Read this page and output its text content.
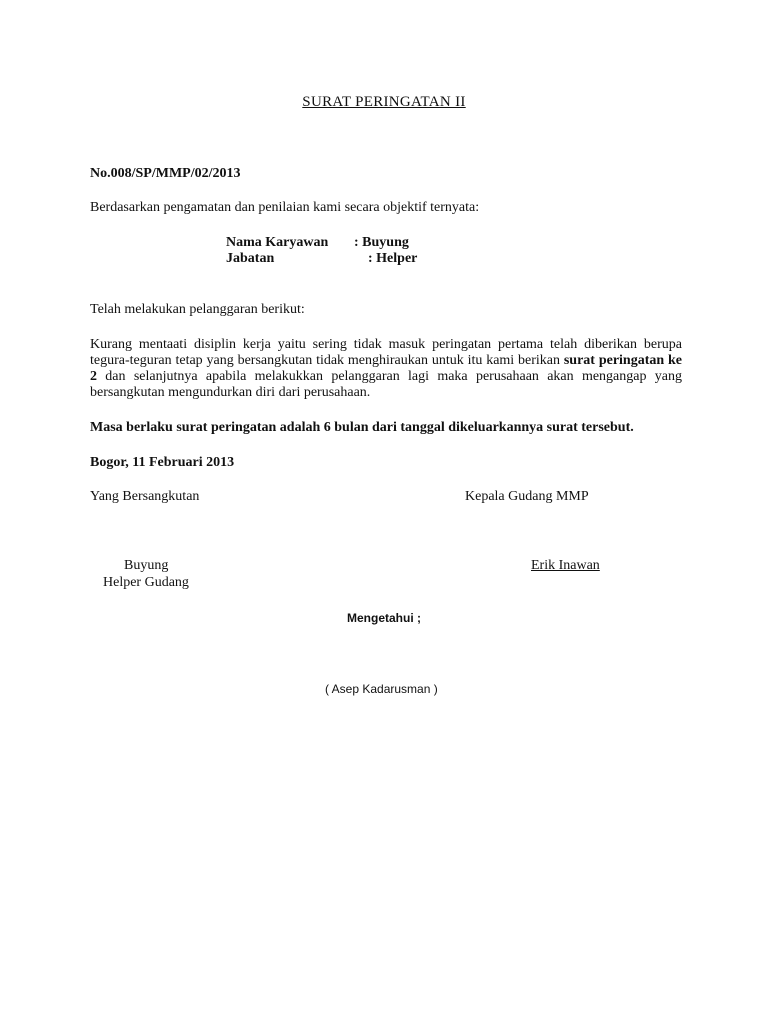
SURAT PERINGATAN II
No.008/SP/MMP/02/2013
Berdasarkan pengamatan dan penilaian kami secara objektif ternyata:
Nama Karyawan : Buyung
Jabatan	: Helper
Telah melakukan pelanggaran berikut:
Kurang mentaati disiplin kerja yaitu sering tidak masuk peringatan pertama telah diberikan berupa tegura-teguran tetap yang bersangkutan tidak menghiraukan untuk itu kami berikan surat peringatan ke 2 dan selanjutnya apabila melakukkan pelanggaran lagi maka perusahaan akan mengangap yang bersangkutan mengundurkan diri dari perusahaan.
Masa berlaku surat peringatan adalah 6 bulan dari tanggal dikeluarkannya surat tersebut.
Bogor, 11 Februari 2013
Yang Bersangkutan	Kepala Gudang MMP
Buyung
Helper Gudang
Erik Inawan
Mengetahui ;
( Asep Kadarusman )
